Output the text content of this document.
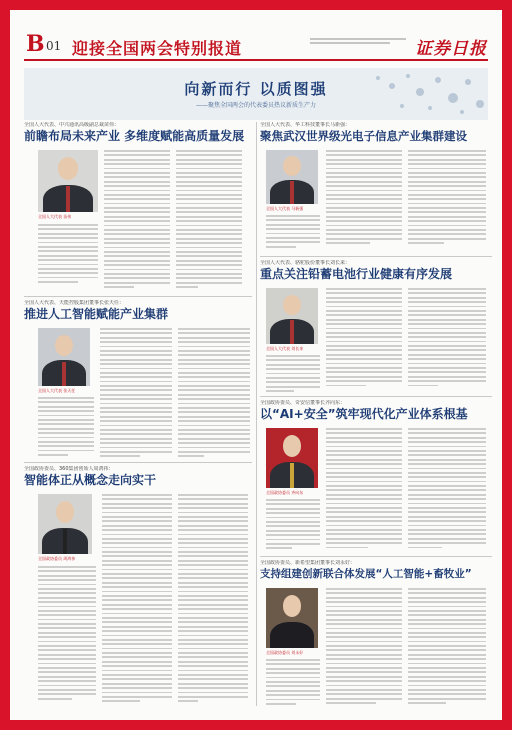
B 01 迎接全国两会特别报道	证券日报
向新而行 以质图强
——聚焦全国两会的代表委员热议新质生产力
全国人大代表、中兴通讯高级副总裁苗伟：
前瞻布局未来产业 多维度赋能高质量发展
全国人大代表 苗伟
全国人大代表、天能控股集团董事长张天任：
推进人工智能赋能产业集群
全国人大代表 张天任
全国政协委员、360集团创始人周鸿祎：
智能体正从概念走向实干
全国政协委员 周鸿祎
全国人大代表、华工科技董事长马新强：
聚焦武汉世界级光电子信息产业集群建设
全国人大代表 马新强
全国人大代表、骆驼股份董事长刘长来：
重点关注铅蓄电池行业健康有序发展
全国人大代表 刘长来
全国政协委员、奇安信董事长齐向东：
以“AI+安全”筑牢现代化产业体系根基
全国政协委员 齐向东
全国政协委员、新希望集团董事长刘永好：
支持组建创新联合体发展“人工智能+畜牧业”
全国政协委员 刘永好
